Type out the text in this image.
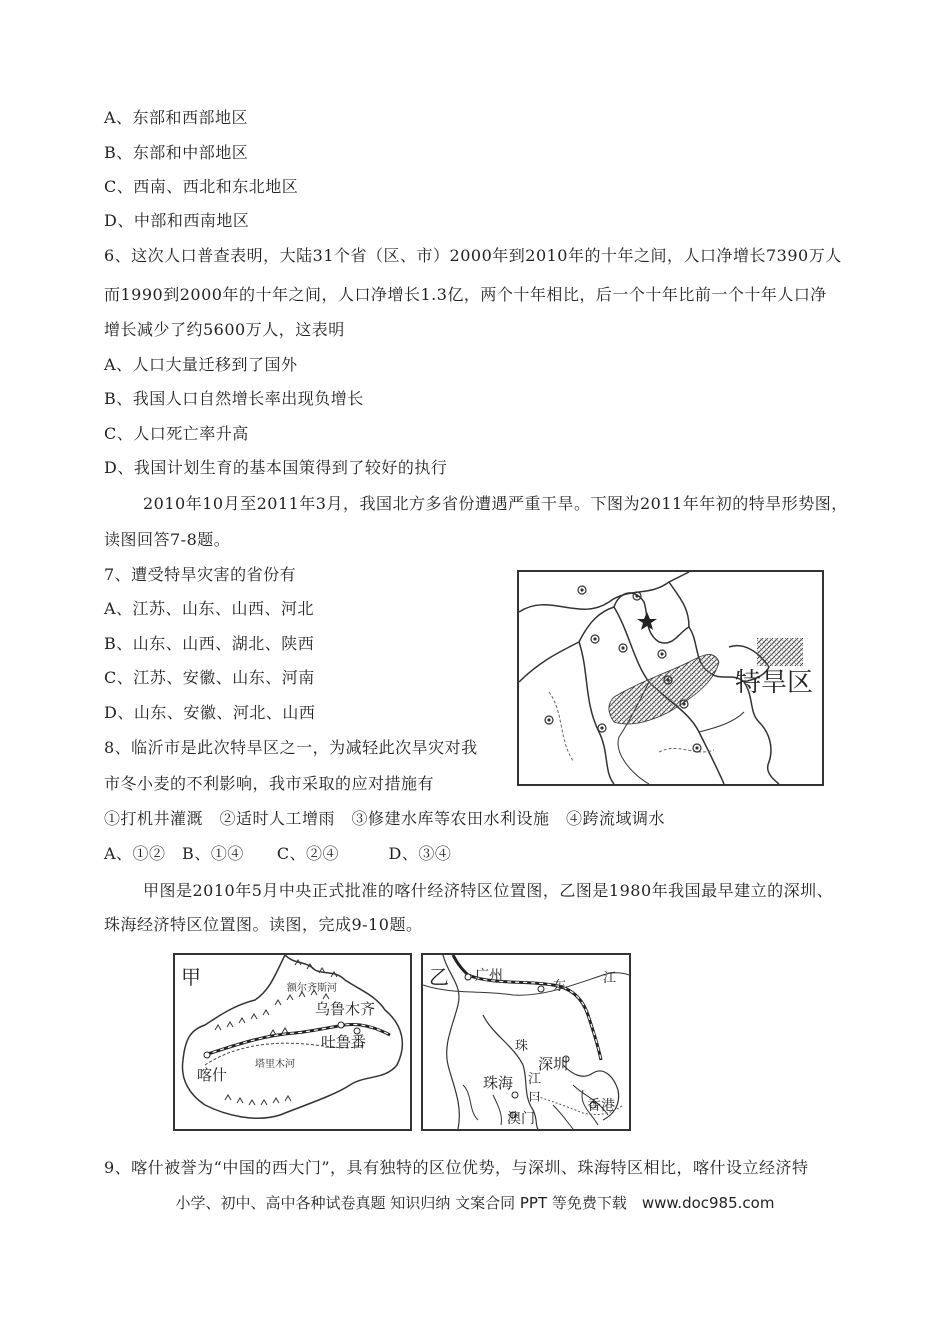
A、东部和西部地区
B、东部和中部地区
C、西南、西北和东北地区
D、中部和西南地区
6、这次人口普查表明，大陆31个省（区、市）2000年到2010年的十年之间，人口净增长7390万人
而1990到2000年的十年之间，人口净增长1.3亿，两个十年相比，后一个十年比前一个十年人口净
增长减少了约5600万人，这表明
A、人口大量迁移到了国外
B、我国人口自然增长率出现负增长
C、人口死亡率升高
D、我国计划生育的基本国策得到了较好的执行
2010年10月至2011年3月，我国北方多省份遭遇严重干旱。下图为2011年年初的特旱形势图，
读图回答7-8题。
7、遭受特旱灾害的省份有
A、江苏、山东、山西、河北
B、山东、山西、湖北、陕西
C、江苏、安徽、山东、河南
D、山东、安徽、河北、山西
8、临沂市是此次特旱区之一，为减轻此次旱灾对我
市冬小麦的不利影响，我市采取的应对措施有
①打机井灌溉　②适时人工增雨　③修建水库等农田水利设施　④跨流域调水
A、①②　B、①④　　C、②④　　　D、③④
特旱区
甲图是2010年5月中央正式批准的喀什经济特区位置图，乙图是1980年我国最早建立的深圳、
珠海经济特区位置图。读图，完成9-10题。
甲	额尔齐斯河
乌鲁木齐
吐鲁番
喀什
塔里木河
乙 广州
东
江
珠
深圳
珠海 江
口
澳门
香港
9、喀什被誉为“中国的西大门”，具有独特的区位优势，与深圳、珠海特区相比，喀什设立经济特
小学、初中、高中各种试卷真题 知识归纳 文案合同 PPT 等免费下载　www.doc985.com
